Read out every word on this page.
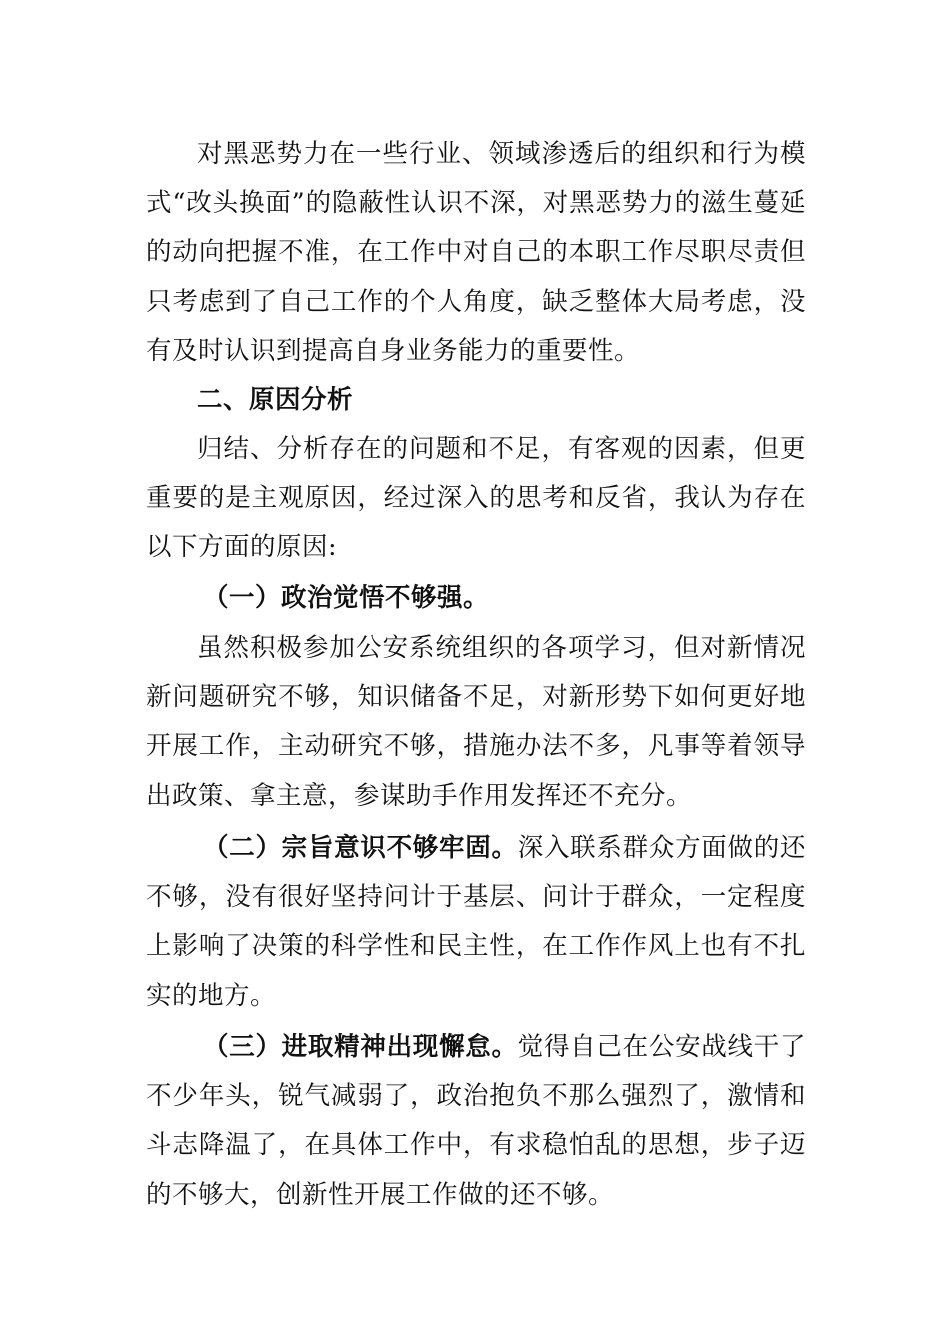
对黑恶势力在一些行业、领域渗透后的组织和行为模式“改头换面”的隐蔽性认识不深，对黑恶势力的滋生蔓延的动向把握不准，在工作中对自己的本职工作尽职尽责但只考虑到了自己工作的个人角度，缺乏整体大局考虑，没有及时认识到提高自身业务能力的重要性。
二、原因分析
归结、分析存在的问题和不足，有客观的因素，但更重要的是主观原因，经过深入的思考和反省，我认为存在以下方面的原因:
（一）政治觉悟不够强。
虽然积极参加公安系统组织的各项学习，但对新情况新问题研究不够，知识储备不足，对新形势下如何更好地开展工作，主动研究不够，措施办法不多，凡事等着领导出政策、拿主意，参谋助手作用发挥还不充分。
（二）宗旨意识不够牢固。深入联系群众方面做的还不够，没有很好坚持问计于基层、问计于群众，一定程度上影响了决策的科学性和民主性，在工作作风上也有不扎实的地方。
（三）进取精神出现懈怠。觉得自己在公安战线干了不少年头，锐气减弱了，政治抱负不那么强烈了，激情和斗志降温了，在具体工作中，有求稳怕乱的思想，步子迈的不够大，创新性开展工作做的还不够。
